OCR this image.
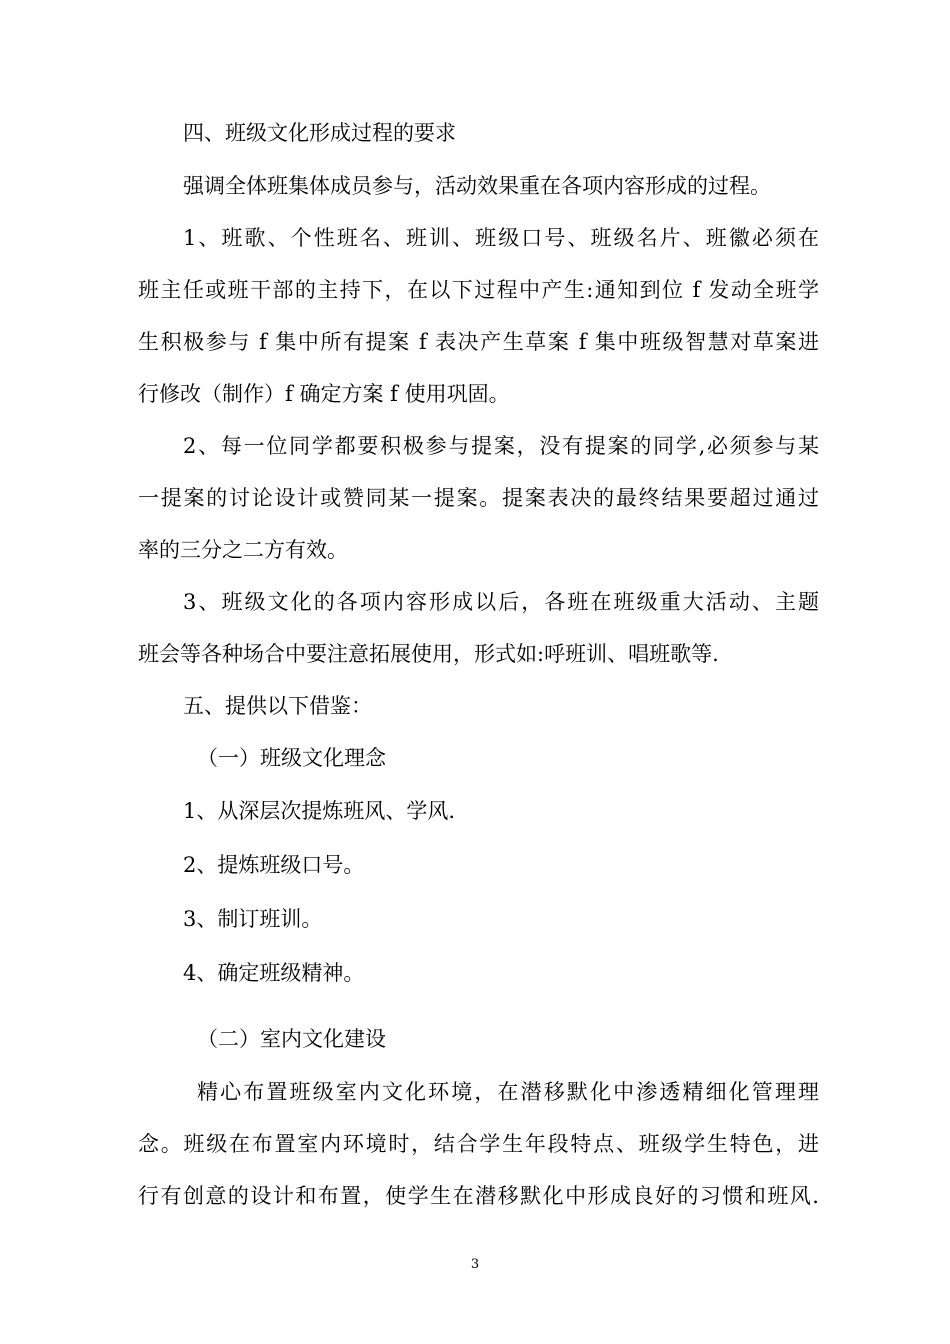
四、班级文化形成过程的要求
强调全体班集体成员参与，活动效果重在各项内容形成的过程。
1、班歌、个性班名、班训、班级口号、班级名片、班徽必须在
班主任或班干部的主持下，在以下过程中产生:通知到位 f 发动全班学
生积极参与 f 集中所有提案 f 表决产生草案 f 集中班级智慧对草案进
行修改（制作）f 确定方案 f 使用巩固。
2、每一位同学都要积极参与提案，没有提案的同学,必须参与某
一提案的讨论设计或赞同某一提案。提案表决的最终结果要超过通过
率的三分之二方有效。
3、班级文化的各项内容形成以后，各班在班级重大活动、主题
班会等各种场合中要注意拓展使用，形式如:呼班训、唱班歌等.
五、提供以下借鉴：
（一）班级文化理念
1、从深层次提炼班风、学风.
2、提炼班级口号。
3、制订班训。
4、确定班级精神。
（二）室内文化建设
精心布置班级室内文化环境，在潜移默化中渗透精细化管理理
念。班级在布置室内环境时，结合学生年段特点、班级学生特色，进
行有创意的设计和布置，使学生在潜移默化中形成良好的习惯和班风.
3
